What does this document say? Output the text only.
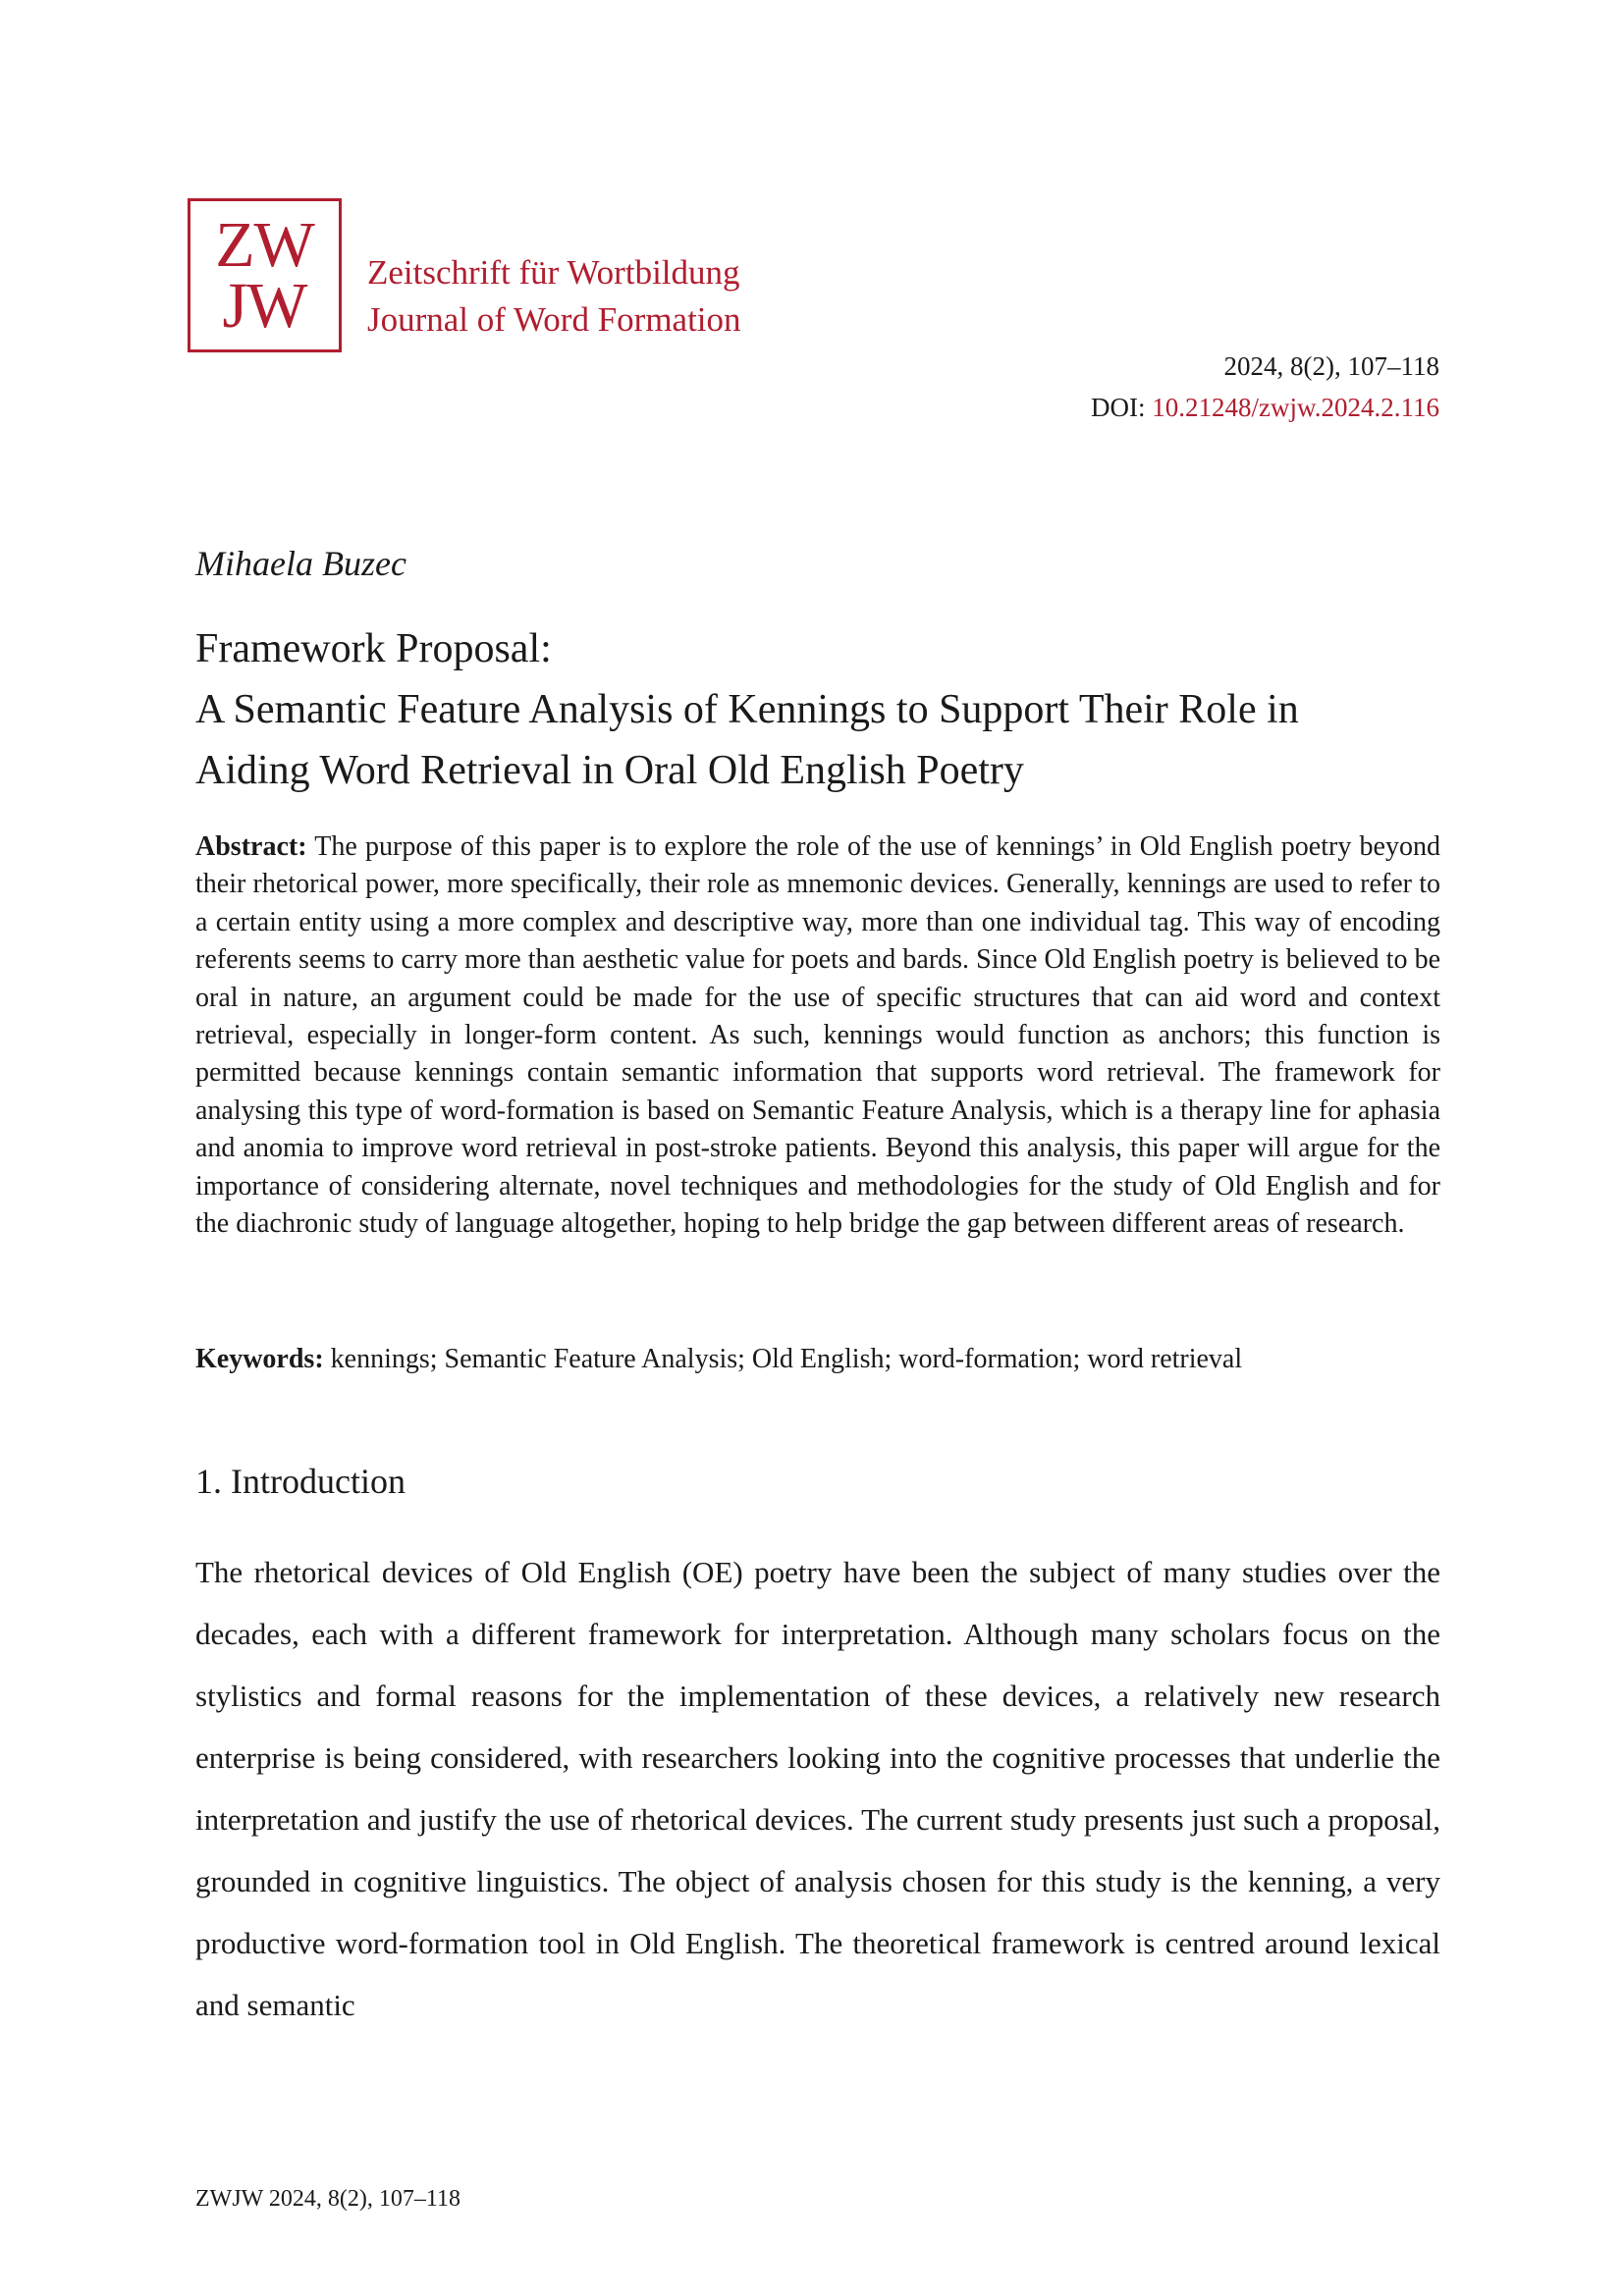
ZW
JW	Zeitschrift für Wortbildung
Journal of Word Formation
2024, 8(2), 107–118
DOI: 10.21248/zwjw.2024.2.116
Mihaela Buzec
Framework Proposal:
A Semantic Feature Analysis of Kennings to Support Their Role in
Aiding Word Retrieval in Oral Old English Poetry
Abstract: The purpose of this paper is to explore the role of the use of kennings’ in Old English poetry beyond their rhetorical power, more specifically, their role as mnemonic devices. Generally, kennings are used to refer to a certain entity using a more complex and descriptive way, more than one individual tag. This way of encoding referents seems to carry more than aesthetic value for poets and bards. Since Old English poetry is believed to be oral in nature, an argument could be made for the use of specific structures that can aid word and context retrieval, especially in longer-form content. As such, kennings would function as anchors; this function is permitted because kennings contain semantic information that supports word retrieval. The framework for analysing this type of word-formation is based on Semantic Feature Analysis, which is a therapy line for aphasia and anomia to improve word retrieval in post-stroke patients. Beyond this analysis, this paper will argue for the importance of considering alternate, novel techniques and methodologies for the study of Old English and for the diachronic study of language altogether, hoping to help bridge the gap between different areas of research.
Keywords: kennings; Semantic Feature Analysis; Old English; word-formation; word retrieval
1. Introduction
The rhetorical devices of Old English (OE) poetry have been the subject of many studies over the decades, each with a different framework for interpretation. Although many scholars focus on the stylistics and formal reasons for the implementation of these devices, a relatively new research enterprise is being considered, with researchers looking into the cognitive processes that underlie the interpretation and justify the use of rhetorical devices. The current study presents just such a proposal, grounded in cognitive linguistics. The object of analysis chosen for this study is the kenning, a very productive word-formation tool in Old English. The theoretical framework is centred around lexical and semantic
ZWJW 2024, 8(2), 107–118
